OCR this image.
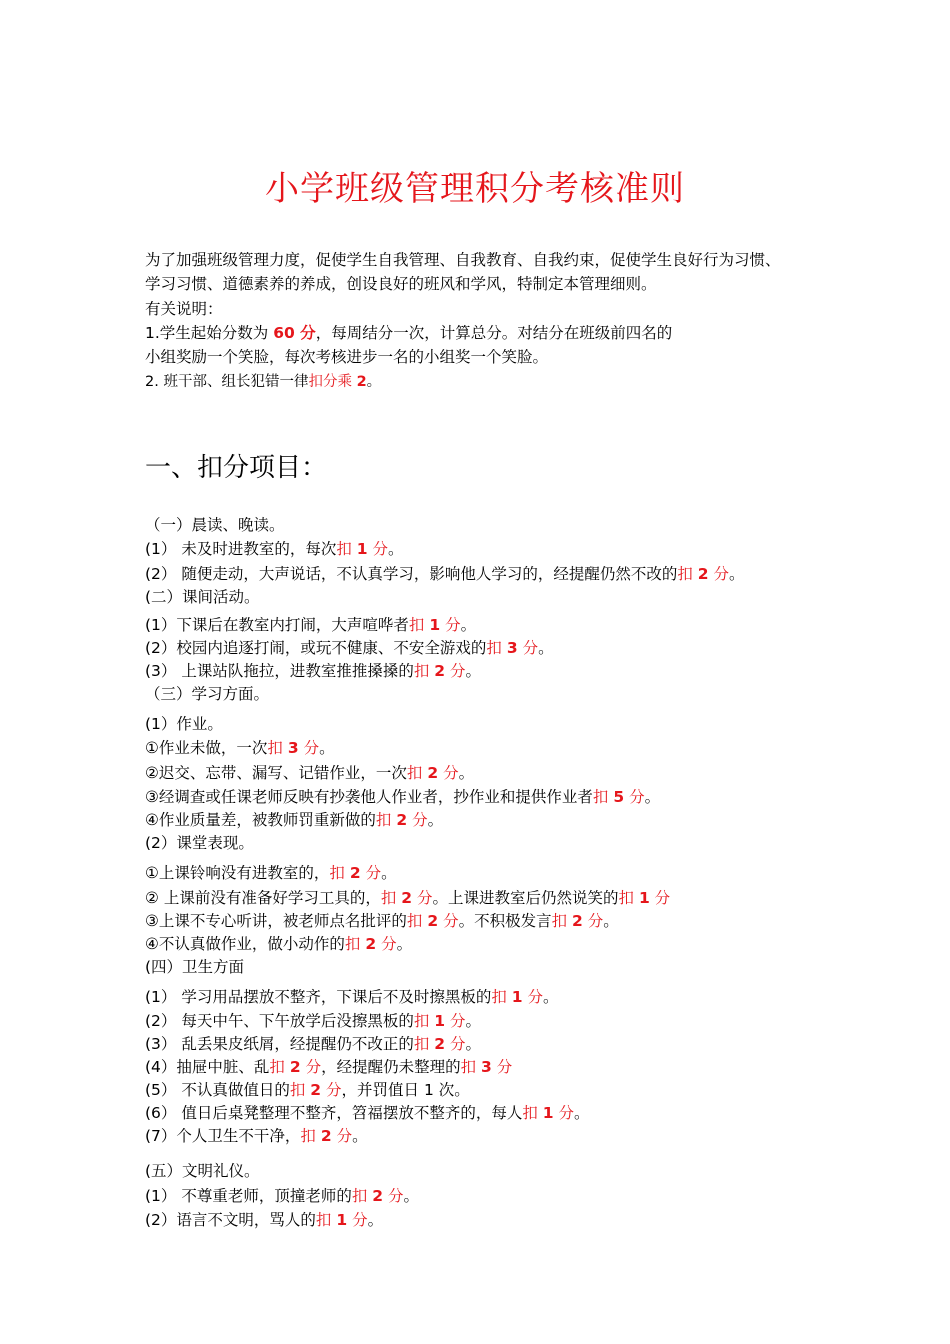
小学班级管理积分考核准则
为了加强班级管理力度，促使学生自我管理、自我教育、自我约束，促使学生良好行为习惯、
学习习惯、道德素养的养成，创设良好的班风和学风，特制定本管理细则。
有关说明：
1.学生起始分数为 60 分，每周结分一次，计算总分。对结分在班级前四名的
小组奖励一个笑脸，每次考核进步一名的小组奖一个笑脸。
2. 班干部、组长犯错一律扣分乘 2。
一、扣分项目：
（一）晨读、晚读。
(1） 未及时进教室的，每次扣 1 分。
(2） 随便走动，大声说话，不认真学习，影响他人学习的，经提醒仍然不改的扣 2 分。
(二）课间活动。
(1）下课后在教室内打闹，大声喧哗者扣 1 分。
(2）校园内追逐打闹，或玩不健康、不安全游戏的扣 3 分。
(3） 上课站队拖拉，进教室推推搡搡的扣 2 分。
（三）学习方面。
(1）作业。
①作业未做，一次扣 3 分。
②迟交、忘带、漏写、记错作业，一次扣 2 分。
③经调查或任课老师反映有抄袭他人作业者，抄作业和提供作业者扣 5 分。
④作业质量差，被教师罚重新做的扣 2 分。
(2）课堂表现。
①上课铃响没有进教室的，扣 2 分。
② 上课前没有准备好学习工具的，扣 2 分。上课进教室后仍然说笑的扣 1 分
③上课不专心听讲，被老师点名批评的扣 2 分。不积极发言扣 2 分。
④不认真做作业，做小动作的扣 2 分。
(四）卫生方面
(1） 学习用品摆放不整齐，下课后不及时擦黑板的扣 1 分。
(2） 每天中午、下午放学后没擦黑板的扣 1 分。
(3） 乱丢果皮纸屑，经提醒仍不改正的扣 2 分。
(4）抽屉中脏、乱扣 2 分，经提醒仍未整理的扣 3 分
(5） 不认真做值日的扣 2 分，并罚值日 1 次。
(6） 值日后桌凳整理不整齐，笤福摆放不整齐的，每人扣 1 分。
(7）个人卫生不干净，扣 2 分。
(五）文明礼仪。
(1） 不尊重老师，顶撞老师的扣 2 分。
(2）语言不文明，骂人的扣 1 分。
